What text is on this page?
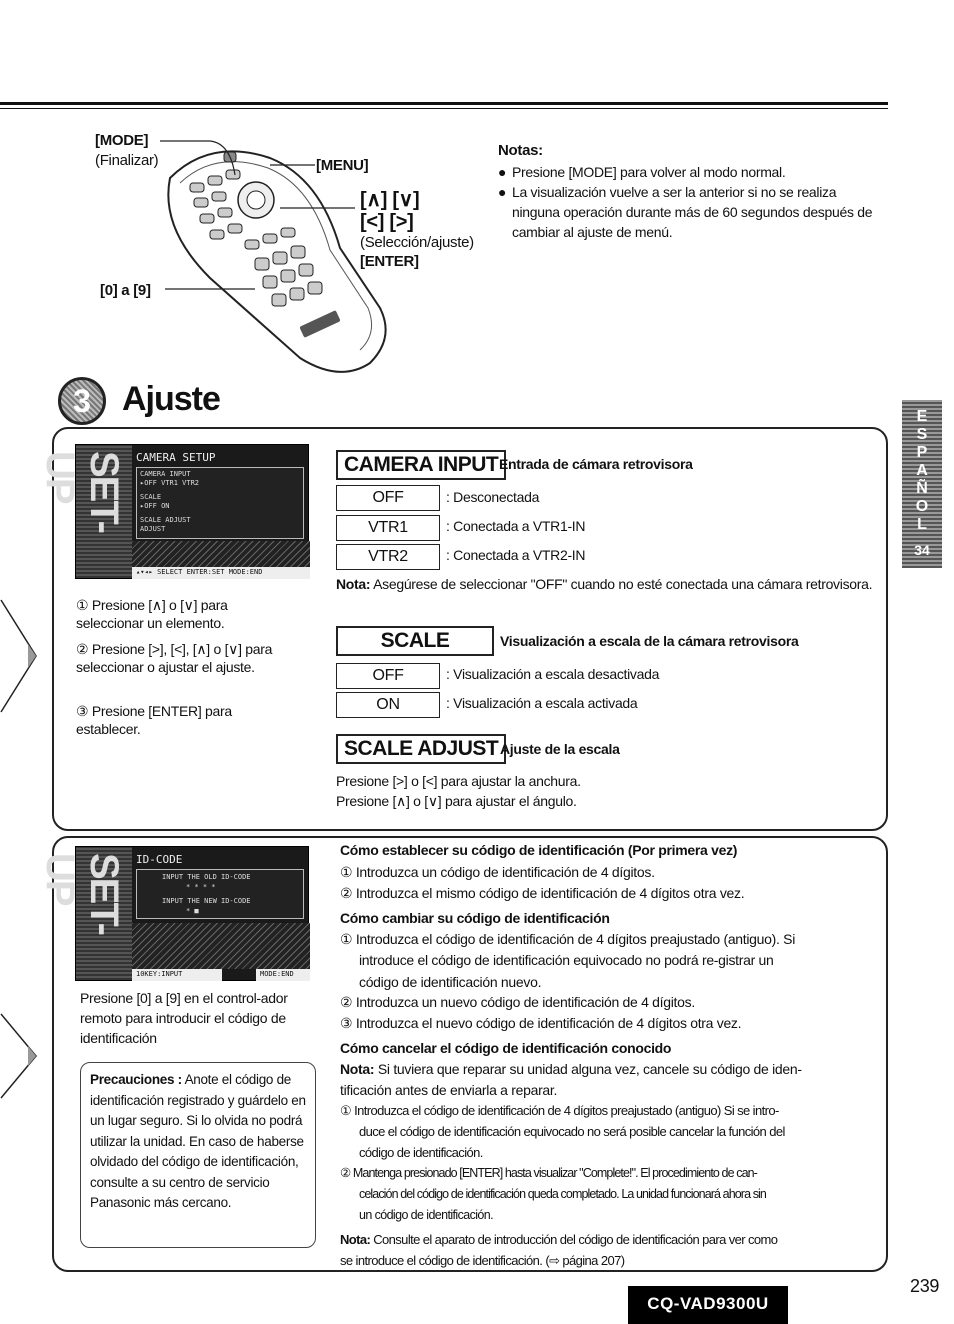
[MODE]
(Finalizar)	[MENU]
[∧] [∨]
[<] [>]
(Selección/ajuste)
[ENTER]
[0] a [9]
Notas:
● Presione [MODE] para volver al modo normal.
● La visualización vuelve a ser la anterior si no se realiza ninguna operación durante más de 60 segundos después de cambiar al ajuste de menú.
3 Ajuste
SET-UP	CAMERA SETUP
CAMERA INPUT
▸OFF VTR1 VTR2
SCALE
▸OFF ON
SCALE ADJUST
ADJUST
▴▾◂▸ SELECT ENTER:SET MODE:END
① Presione [∧] o [∨] para seleccionar un elemento.
② Presione [>], [<], [∧] o [∨] para seleccionar o ajustar el ajuste.
③ Presione [ENTER] para establecer.
CAMERA INPUT Entrada de cámara retrovisora
OFF	: Desconectada
VTR1	: Conectada a VTR1-IN
VTR2	: Conectada a VTR2-IN
Nota: Asegúrese de seleccionar "OFF" cuando no esté conectada una cámara retrovisora.
SCALE	Visualización a escala de la cámara retrovisora
OFF	: Visualización a escala desactivada
ON	: Visualización a escala activada
SCALE ADJUST Ajuste de la escala
Presione [>] o [<] para ajustar la anchura.
Presione [∧] o [∨] para ajustar el ángulo.
SET-UP	ID-CODE
INPUT THE OLD ID-CODE
* * * *
INPUT THE NEW ID-CODE
* ■
10KEY:INPUT	MODE:END
Presione [0] a [9] en el control-ador remoto para introducir el código de identificación
Precauciones : Anote el código de identificación registrado y guárdelo en un lugar seguro. Si lo olvida no podrá utilizar la unidad. En caso de haberse olvidado del código de identificación, consulte a su centro de servicio Panasonic más cercano.
Cómo establecer su código de identificación (Por primera vez)
① Introduzca un código de identificación de 4 dígitos.
② Introduzca el mismo código de identificación de 4 dígitos otra vez.
Cómo cambiar su código de identificación
① Introduzca el código de identificación de 4 dígitos preajustado (antiguo). Si
introduce el código de identificación equivocado no podrá re-gistrar un
código de identificación nuevo.
② Introduzca un nuevo código de identificación de 4 dígitos.
③ Introduzca el nuevo código de identificación de 4 dígitos otra vez.
Cómo cancelar el código de identificación conocido
Nota: Si tuviera que reparar su unidad alguna vez, cancele su código de iden-
tificación antes de enviarla a reparar.
① Introduzca el código de identificación de 4 dígitos preajustado (antiguo) Si se intro-
duce el código de identificación equivocado no será posible cancelar la función del
código de identificación.
② Mantenga presionado [ENTER] hasta visualizar "Complete!". El procedimiento de can-
celación del código de identificación queda completado. La unidad funcionará ahora sin
un código de identificación.
Nota: Consulte el aparato de introducción del código de identificación para ver como
se introduce el código de identificación. (⇨ página 207)
E
S
P
A
Ñ
O
L
34
CQ-VAD9300U
239
